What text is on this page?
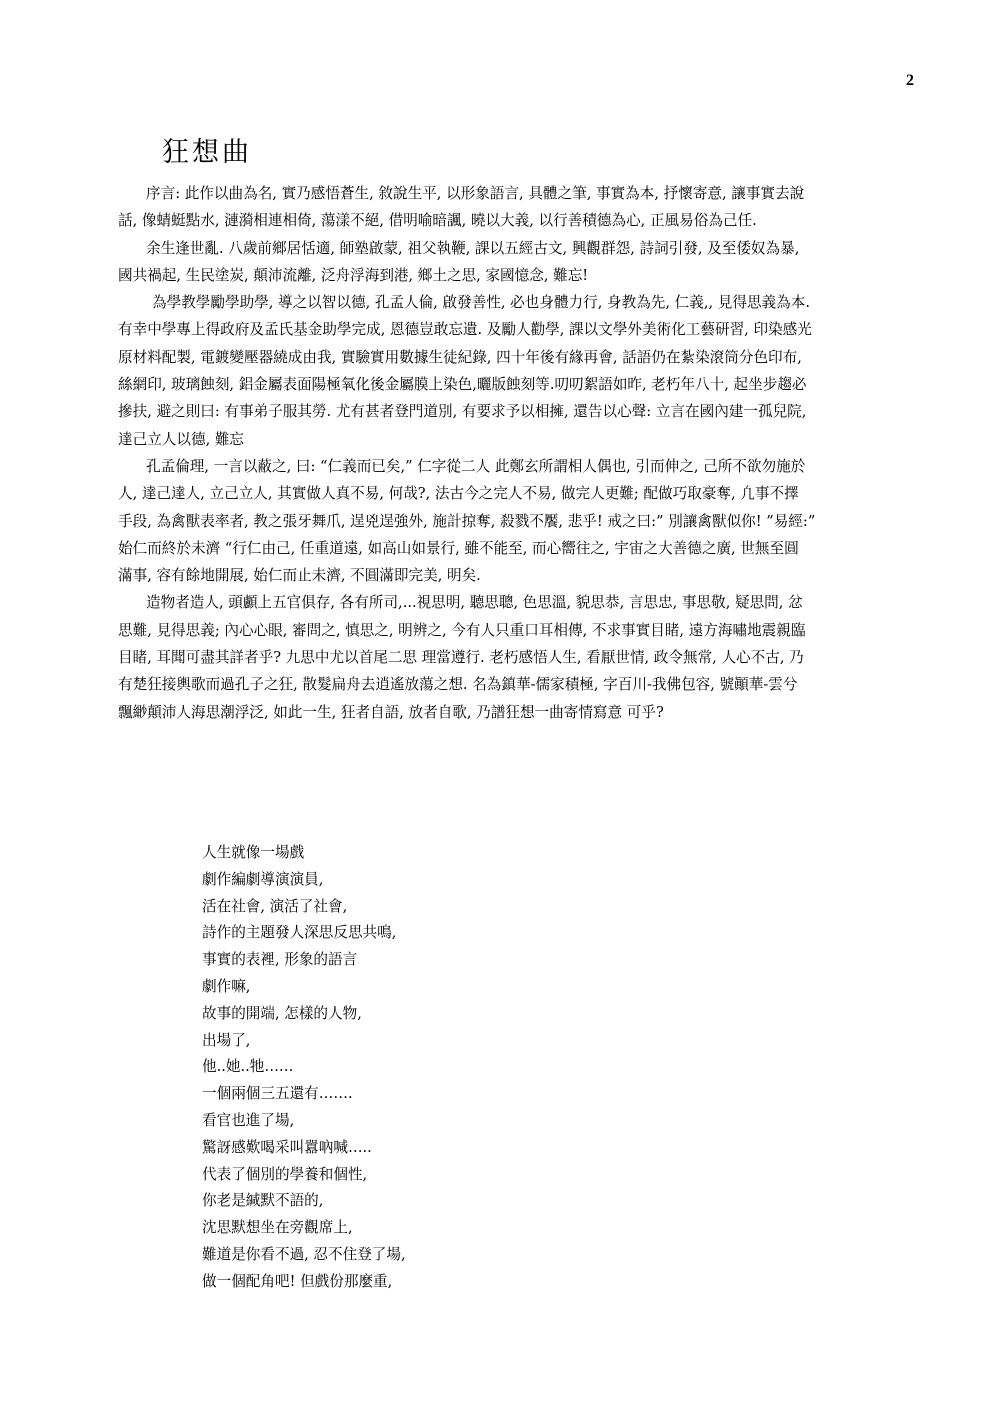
2
狂想曲

序言: 此作以曲為名, 實乃感悟蒼生, 敘說生平, 以形象語言, 具體之筆, 事實為本, 抒懷寄意, 讓事實去說

話, 像蜻蜓點水, 漣漪相連相倚, 蕩漾不絕, 借明喻暗諷, 曉以大義, 以行善積德為心, 正風易俗為己任.

余生逢世亂. 八歲前鄉居恬適, 師塾啟蒙, 祖父執鞭, 課以五經古文, 興觀群怨, 詩詞引發, 及至倭奴為暴,

國共禍起, 生民塗炭, 顛沛流離, 泛舟浮海到港, 鄉土之思, 家國憶念, 難忘!

為學教學勵學助學, 導之以智以德, 孔孟人倫, 啟發善性, 必也身體力行, 身教為先, 仁義,, 見得思義為本.

有幸中學專上得政府及孟氏基金助學完成, 恩德豈敢忘遺. 及勵人勸學, 課以文學外美術化工藝研習, 印染感光

原材料配製, 電鍍變壓器繞成由我, 實驗實用數據生徒紀錄, 四十年後有緣再會, 話語仍在紮染滾筒分色印布,

絲網印, 玻璃蝕刻, 鋁金屬表面陽極氧化後金屬膜上染色,曬版蝕刻等.叨叨絮語如昨, 老朽年八十, 起坐步趨必

摻扶, 避之則曰: 有事弟子服其勞. 尤有甚者登門道別, 有要求予以相擁, 還告以心聲: 立言在國內建一孤兒院,

達己立人以德, 難忘

孔孟倫理, 一言以蔽之, 曰: “仁義而已矣,” 仁字從二人 此鄭玄所謂相人偶也, 引而伸之, 己所不欲勿施於

人, 達己達人, 立己立人, 其實做人真不易, 何哉?, 法古今之完人不易, 做完人更難; 配做巧取豪奪, 凢事不擇

手段, 為禽獸表率者, 教之張牙舞爪, 逞兇逞強外, 施計掠奪, 殺戮不饜, 悲乎! 戒之曰:” 別讓禽獸似你! ”易經:”

始仁而終於未濟 “行仁由己, 任重道遠, 如高山如景行, 雖不能至, 而心嚮往之, 宇宙之大善德之廣, 世無至圓

滿事, 容有餘地開展, 始仁而止未濟, 不圓滿即完美, 明矣.

造物者造人, 頭顱上五官俱存, 各有所司,...視思明, 聽思聰, 色思溫, 貌思恭, 言思忠, 事思敬, 疑思問, 忿

思難, 見得思義; 內心心眼, 審問之, 慎思之, 明辨之, 今有人只重口耳相傳, 不求事實目睹, 遠方海嘯地震親臨

目睹, 耳聞可盡其詳者乎? 九思中尤以首尾二思 理當遵行. 老朽感悟人生, 看厭世情, 政令無常, 人心不古, 乃

有楚狂接輿歌而過孔子之狂, 散髮扁舟去逍遙放蕩之想. 名為鎮華-儒家積極, 字百川-我佛包容, 號顚華-雲兮

飄緲顛沛人海思潮浮泛, 如此一生, 狂者自語, 放者自歌, 乃譜狂想一曲寄情寫意 可乎?

人生就像一場戲
劇作編劇導演演員,
活在社會, 演活了社會,
詩作的主題發人深思反思共鳴,
事實的表裡, 形象的語言
劇作嘛,
故事的開端, 怎樣的人物,
出場了,
他..她..牠……
一個兩個三五還有…….
看官也進了場,
驚訝感歎喝采叫囂吶喊…..
代表了個別的學養和個性,
你老是緘默不語的,
沈思默想坐在旁觀席上,
難道是你看不過, 忍不住登了場,
做一個配角吧! 但戲份那麼重,
